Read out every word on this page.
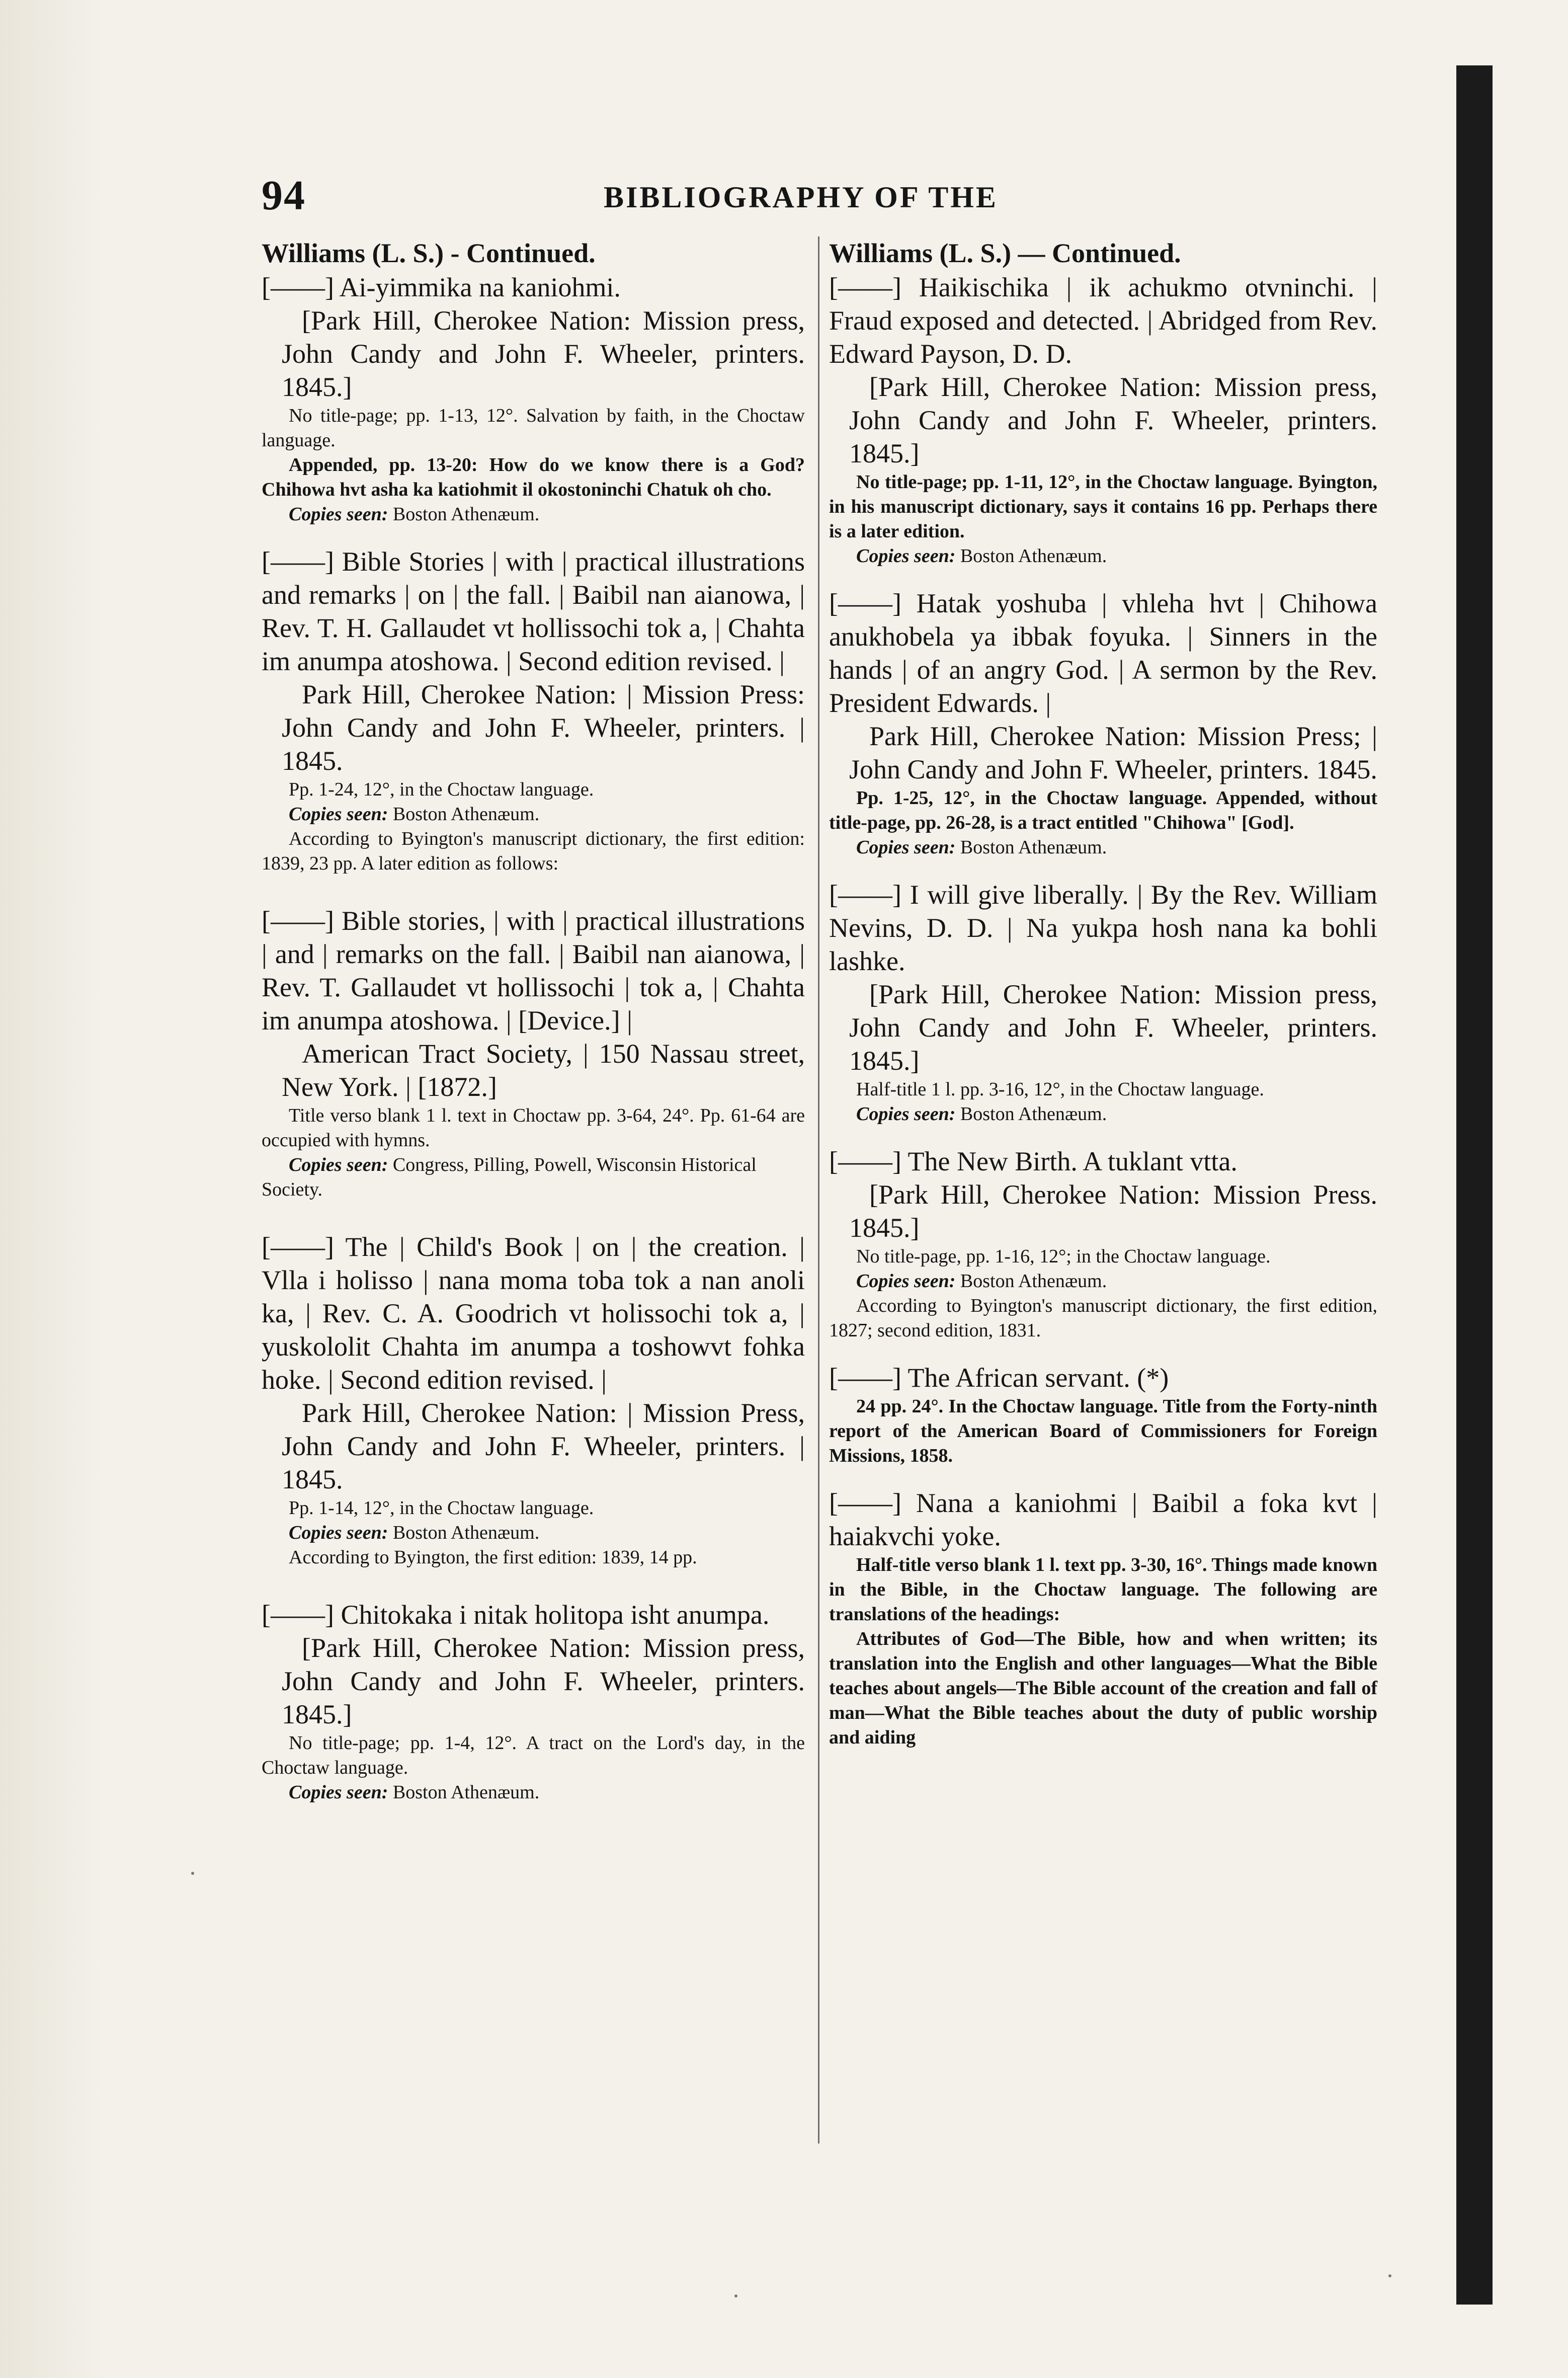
94	BIBLIOGRAPHY OF THE
Williams (L. S.) - Continued.
[——] Ai-yimmika na kaniohmi.
[Park Hill, Cherokee Nation: Mission press, John Candy and John F. Wheeler, printers. 1845.]
No title-page; pp. 1-13, 12°. Salvation by faith, in the Choctaw language.
Appended, pp. 13-20: How do we know there is a God? Chihowa hvt asha ka katiohmit il okostoninchi Chatuk oh cho.
Copies seen: Boston Athenæum.
[——] Bible Stories | with | practical illustrations and remarks | on | the fall. | Baibil nan aianowa, | Rev. T. H. Gallaudet vt hollissochi tok a, | Chahta im anumpa atoshowa. | Second edition revised. |
Park Hill, Cherokee Nation: | Mission Press: John Candy and John F. Wheeler, printers. | 1845.
Pp. 1-24, 12°, in the Choctaw language.
Copies seen: Boston Athenæum.
According to Byington's manuscript dictionary, the first edition: 1839, 23 pp. A later edition as follows:
[——] Bible stories, | with | practical illustrations | and | remarks on the fall. | Baibil nan aianowa, | Rev. T. Gallaudet vt hollissochi | tok a, | Chahta im anumpa atoshowa. | [Device.] |
American Tract Society, | 150 Nassau street, New York. | [1872.]
Title verso blank 1 l. text in Choctaw pp. 3-64, 24°. Pp. 61-64 are occupied with hymns.
Copies seen: Congress, Pilling, Powell, Wisconsin Historical Society.
[——] The | Child's Book | on | the creation. | Vlla i holisso | nana moma toba tok a nan anoli ka, | Rev. C. A. Goodrich vt holissochi tok a, | yuskololit Chahta im anumpa a toshowvt fohka hoke. | Second edition revised. |
Park Hill, Cherokee Nation: | Mission Press, John Candy and John F. Wheeler, printers. | 1845.
Pp. 1-14, 12°, in the Choctaw language.
Copies seen: Boston Athenæum.
According to Byington, the first edition: 1839, 14 pp.
[——] Chitokaka i nitak holitopa isht anumpa.
[Park Hill, Cherokee Nation: Mission press, John Candy and John F. Wheeler, printers. 1845.]
No title-page; pp. 1-4, 12°. A tract on the Lord's day, in the Choctaw language.
Copies seen: Boston Athenæum.
Williams (L. S.) — Continued.
[——] Haikischika | ik achukmo otvninchi. | Fraud exposed and detected. | Abridged from Rev. Edward Payson, D. D.
[Park Hill, Cherokee Nation: Mission press, John Candy and John F. Wheeler, printers. 1845.]
No title-page; pp. 1-11, 12°, in the Choctaw language. Byington, in his manuscript dictionary, says it contains 16 pp. Perhaps there is a later edition.
Copies seen: Boston Athenæum.
[——] Hatak yoshuba | vhleha hvt | Chihowa anukhobela ya ibbak foyuka. | Sinners in the hands | of an angry God. | A sermon by the Rev. President Edwards. |
Park Hill, Cherokee Nation: Mission Press; | John Candy and John F. Wheeler, printers. 1845.
Pp. 1-25, 12°, in the Choctaw language. Appended, without title-page, pp. 26-28, is a tract entitled "Chihowa" [God].
Copies seen: Boston Athenæum.
[——] I will give liberally. | By the Rev. William Nevins, D. D. | Na yukpa hosh nana ka bohli lashke.
[Park Hill, Cherokee Nation: Mission press, John Candy and John F. Wheeler, printers. 1845.]
Half-title 1 l. pp. 3-16, 12°, in the Choctaw language.
Copies seen: Boston Athenæum.
[——] The New Birth. A tuklant vtta.
[Park Hill, Cherokee Nation: Mission Press. 1845.]
No title-page, pp. 1-16, 12°; in the Choctaw language.
Copies seen: Boston Athenæum.
According to Byington's manuscript dictionary, the first edition, 1827; second edition, 1831.
[——] The African servant. (*)
24 pp. 24°. In the Choctaw language. Title from the Forty-ninth report of the American Board of Commissioners for Foreign Missions, 1858.
[——] Nana a kaniohmi | Baibil a foka kvt | haiakvchi yoke.
Half-title verso blank 1 l. text pp. 3-30, 16°. Things made known in the Bible, in the Choctaw language. The following are translations of the headings:
Attributes of God—The Bible, how and when written; its translation into the English and other languages—What the Bible teaches about angels—The Bible account of the creation and fall of man—What the Bible teaches about the duty of public worship and aiding
